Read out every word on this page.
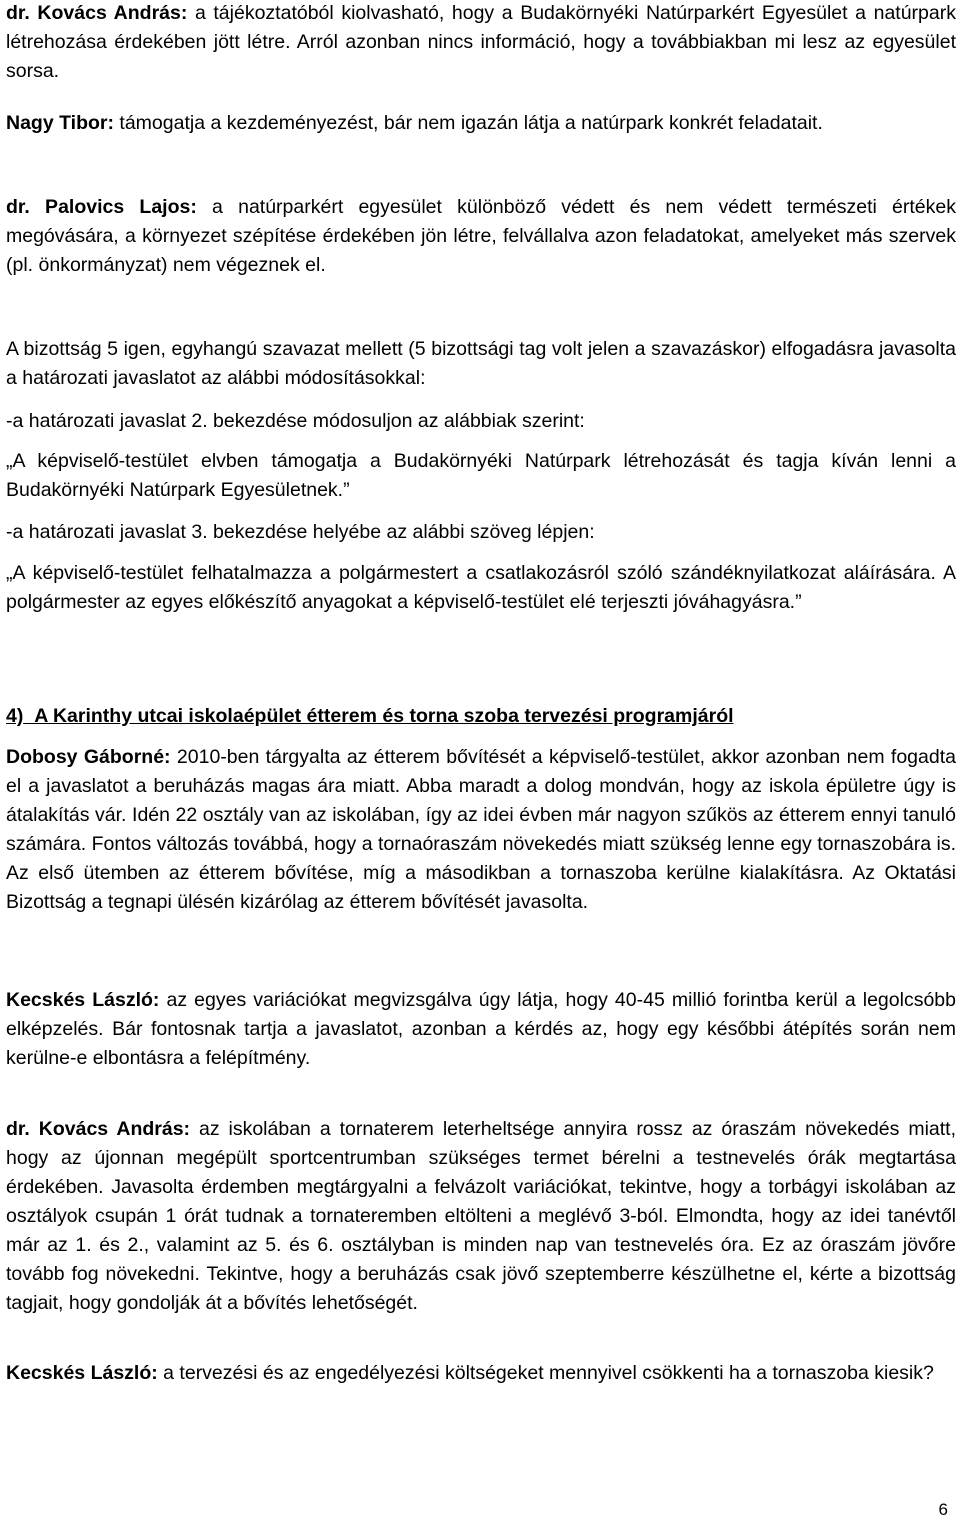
dr. Kovács András: a tájékoztatóból kiolvasható, hogy a Budakörnyéki Natúrparkért Egyesület a natúrpark létrehozása érdekében jött létre. Arról azonban nincs információ, hogy a továbbiakban mi lesz az egyesület sorsa.

Nagy Tibor: támogatja a kezdeményezést, bár nem igazán látja a natúrpark konkrét feladatait.

dr. Palovics Lajos: a natúrparkért egyesület különböző védett és nem védett természeti értékek megóvására, a környezet szépítése érdekében jön létre, felvállalva azon feladatokat, amelyeket más szervek (pl. önkormányzat) nem végeznek el.

A bizottság 5 igen, egyhangú szavazat mellett (5 bizottsági tag volt jelen a szavazáskor) elfogadásra javasolta a határozati javaslatot az alábbi módosításokkal:

-a határozati javaslat 2. bekezdése módosuljon az alábbiak szerint:

„A képviselő-testület elvben támogatja a Budakörnyéki Natúrpark létrehozását és tagja kíván lenni a Budakörnyéki Natúrpark Egyesületnek.”

-a határozati javaslat 3. bekezdése helyébe az alábbi szöveg lépjen:

„A képviselő-testület felhatalmazza a polgármestert a csatlakozásról szóló szándéknyilatkozat aláírására. A polgármester az egyes előkészítő anyagokat a képviselő-testület elé terjeszti jóváhagyásra.”

4) A Karinthy utcai iskolaépület étterem és torna szoba tervezési programjáról

Dobosy Gáborné: 2010-ben tárgyalta az étterem bővítését a képviselő-testület, akkor azonban nem fogadta el a javaslatot a beruházás magas ára miatt. Abba maradt a dolog mondván, hogy az iskola épületre úgy is átalakítás vár. Idén 22 osztály van az iskolában, így az idei évben már nagyon szűkös az étterem ennyi tanuló számára. Fontos változás továbbá, hogy a tornaóraszám növekedés miatt szükség lenne egy tornaszobára is. Az első ütemben az étterem bővítése, míg a másodikban a tornaszoba kerülne kialakításra. Az Oktatási Bizottság a tegnapi ülésén kizárólag az étterem bővítését javasolta.

Kecskés László: az egyes variációkat megvizsgálva úgy látja, hogy 40-45 millió forintba kerül a legolcsóbb elképzelés. Bár fontosnak tartja a javaslatot, azonban a kérdés az, hogy egy későbbi átépítés során nem kerülne-e elbontásra a felépítmény.

dr. Kovács András: az iskolában a tornaterem leterheltsége annyira rossz az óraszám növekedés miatt, hogy az újonnan megépült sportcentrumban szükséges termet bérelni a testnevelés órák megtartása érdekében. Javasolta érdemben megtárgyalni a felvázolt variációkat, tekintve, hogy a torbágyi iskolában az osztályok csupán 1 órát tudnak a tornateremben eltölteni a meglévő 3-ból. Elmondta, hogy az idei tanévtől már az 1. és 2., valamint az 5. és 6. osztályban is minden nap van testnevelés óra. Ez az óraszám jövőre tovább fog növekedni. Tekintve, hogy a beruházás csak jövő szeptemberre készülhetne el, kérte a bizottság tagjait, hogy gondolják át a bővítés lehetőségét.

Kecskés László: a tervezési és az engedélyezési költségeket mennyivel csökkenti ha a tornaszoba kiesik?

6
